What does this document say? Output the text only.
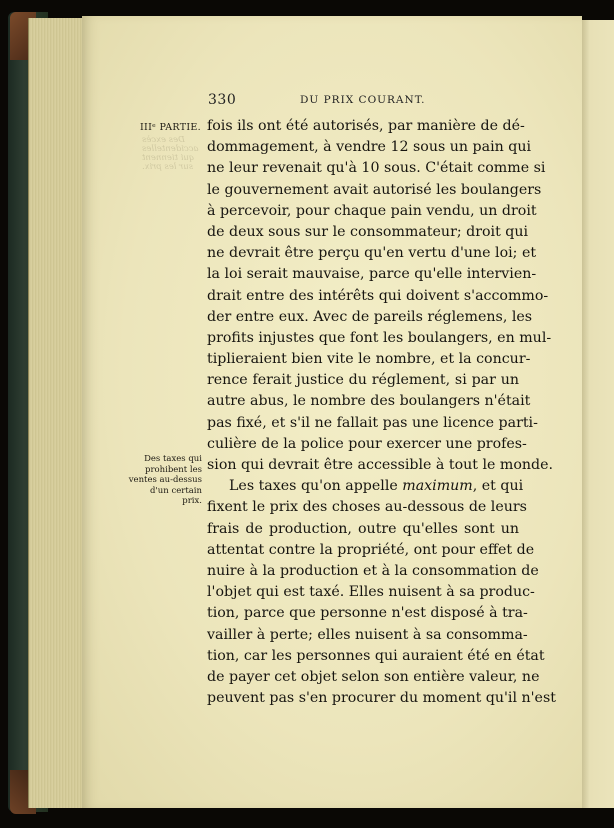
330	DU PRIX COURANT.
IIIᵉ PARTIE.
Des excès accidentelles qui tiennent sur les prix.
Des taxes qui prohibent les ventes au-dessus d'un certain prix.
fois ils ont été autorisés, par manière de dé-
dommagement, à vendre 12 sous un pain qui
ne leur revenait qu'à 10 sous. C'était comme si
le gouvernement avait autorisé les boulangers
à percevoir, pour chaque pain vendu, un droit
de deux sous sur le consommateur; droit qui
ne devrait être perçu qu'en vertu d'une loi; et
la loi serait mauvaise, parce qu'elle intervien-
drait entre des intérêts qui doivent s'accommo-
der entre eux. Avec de pareils réglemens, les
profits injustes que font les boulangers, en mul-
tiplieraient bien vite le nombre, et la concur-
rence ferait justice du réglement, si par un
autre abus, le nombre des boulangers n'était
pas fixé, et s'il ne fallait pas une licence parti-
culière de la police pour exercer une profes-
sion qui devrait être accessible à tout le monde.
Les taxes qu'on appelle maximum, et qui
fixent le prix des choses au-dessous de leurs
frais de production, outre qu'elles sont un
attentat contre la propriété, ont pour effet de
nuire à la production et à la consommation de
l'objet qui est taxé. Elles nuisent à sa produc-
tion, parce que personne n'est disposé à tra-
vailler à perte; elles nuisent à sa consomma-
tion, car les personnes qui auraient été en état
de payer cet objet selon son entière valeur, ne
peuvent pas s'en procurer du moment qu'il n'est
